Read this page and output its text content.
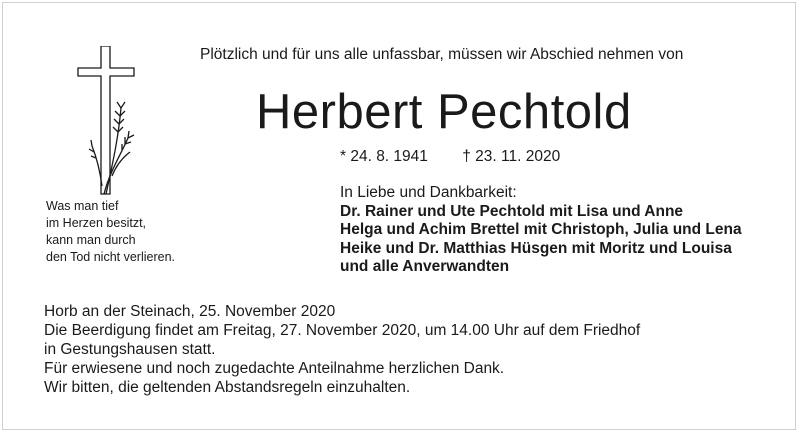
Plötzlich und für uns alle unfassbar, müssen wir Abschied nehmen von
Herbert Pechtold
* 24. 8. 1941 † 23. 11. 2020
Was man tief
im Herzen besitzt,
kann man durch
den Tod nicht verlieren.
In Liebe und Dankbarkeit:
Dr. Rainer und Ute Pechtold mit Lisa und Anne
Helga und Achim Brettel mit Christoph, Julia und Lena
Heike und Dr. Matthias Hüsgen mit Moritz und Louisa
und alle Anverwandten
Horb an der Steinach, 25. November 2020
Die Beerdigung findet am Freitag, 27. November 2020, um 14.00 Uhr auf dem Friedhof
in Gestungshausen statt.
Für erwiesene und noch zugedachte Anteilnahme herzlichen Dank.
Wir bitten, die geltenden Abstandsregeln einzuhalten.
